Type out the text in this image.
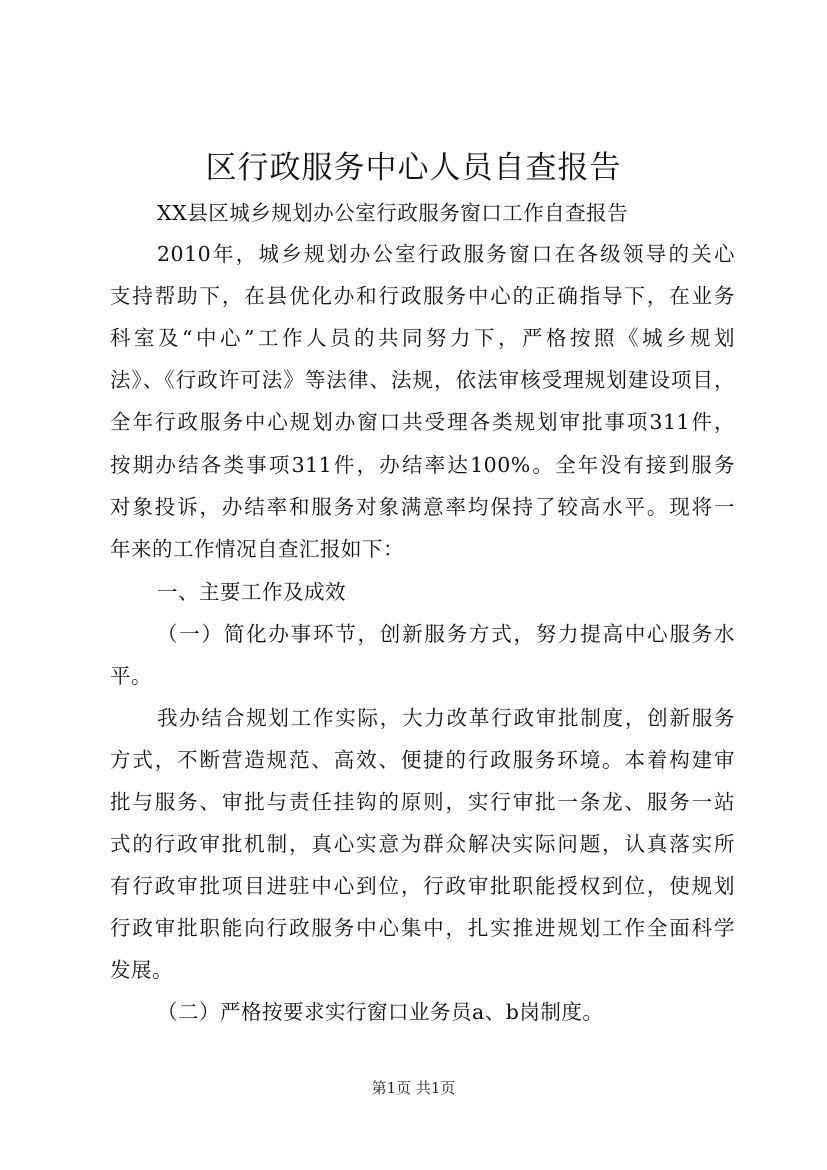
区行政服务中心人员自查报告
XX县区城乡规划办公室行政服务窗口工作自查报告
2010年，城乡规划办公室行政服务窗口在各级领导的关心
支持帮助下，在县优化办和行政服务中心的正确指导下，在业务
科室及“中心”工作人员的共同努力下，严格按照《城乡规划
法》、《行政许可法》等法律、法规，依法审核受理规划建设项目，
全年行政服务中心规划办窗口共受理各类规划审批事项311件，
按期办结各类事项311件，办结率达100%。全年没有接到服务
对象投诉，办结率和服务对象满意率均保持了较高水平。现将一
年来的工作情况自查汇报如下：
一、主要工作及成效
（一）简化办事环节，创新服务方式，努力提高中心服务水
平。
我办结合规划工作实际，大力改革行政审批制度，创新服务
方式，不断营造规范、高效、便捷的行政服务环境。本着构建审
批与服务、审批与责任挂钩的原则，实行审批一条龙、服务一站
式的行政审批机制，真心实意为群众解决实际问题，认真落实所
有行政审批项目进驻中心到位，行政审批职能授权到位，使规划
行政审批职能向行政服务中心集中，扎实推进规划工作全面科学
发展。
（二）严格按要求实行窗口业务员a、b岗制度。
第1页 共1页
